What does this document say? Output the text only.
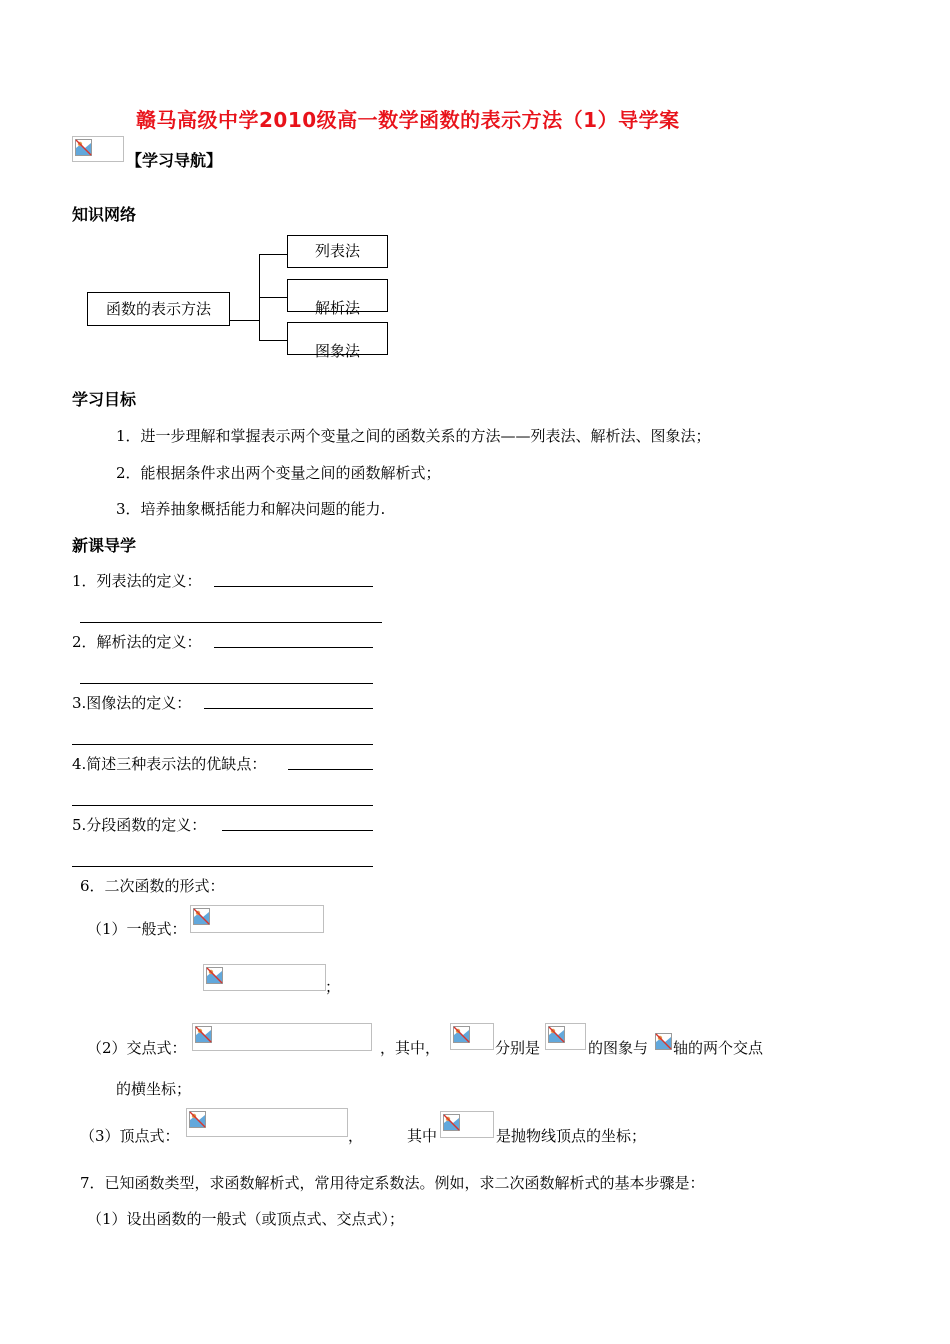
赣马高级中学2010级高一数学函数的表示方法（1）导学案
【学习导航】
知识网络
函数的表示方法
列表法
解析法
图象法
学习目标
1．进一步理解和掌握表示两个变量之间的函数关系的方法——列表法、解析法、图象法；
2．能根据条件求出两个变量之间的函数解析式；
3．培养抽象概括能力和解决问题的能力.
新课导学
1．列表法的定义：
2．解析法的定义：
3.图像法的定义：
4.简述三种表示法的优缺点：
5.分段函数的定义：
6．二次函数的形式：
（1）一般式：
；
（2）交点式：	，其中，	分别是	的图象与 轴的两个交点
的横坐标；
（3）顶点式：	，	其中	是抛物线顶点的坐标；
7．已知函数类型，求函数解析式，常用待定系数法。例如，求二次函数解析式的基本步骤是：
（1）设出函数的一般式（或顶点式、交点式）；
